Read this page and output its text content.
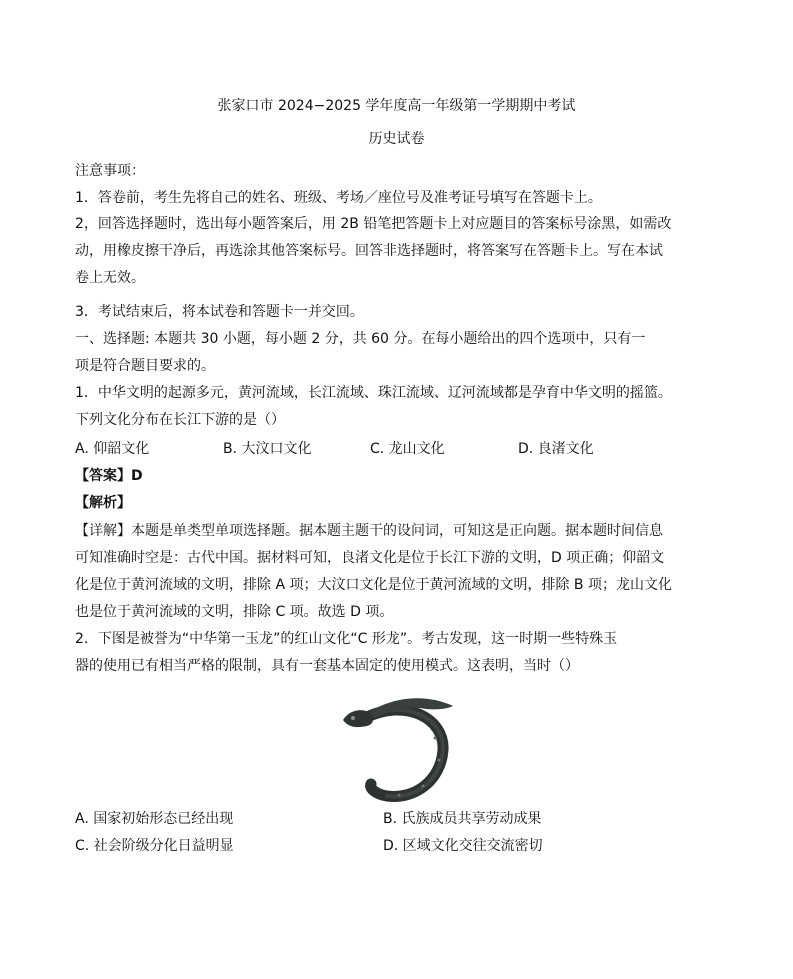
张家口市 2024−2025 学年度高一年级第一学期期中考试
历史试卷
注意事项：
1．答卷前，考生先将自己的姓名、班级、考场／座位号及准考证号填写在答题卡上。
2，回答选择题时，选出每小题答案后，用 2B 铅笔把答题卡上对应题目的答案标号涂黑，如需改
动，用橡皮擦干净后，再选涂其他答案标号。回答非选择题时，将答案写在答题卡上。写在本试
卷上无效。
3．考试结束后，将本试卷和答题卡一并交回。
一、选择题: 本题共 30 小题，每小题 2 分，共 60 分。在每小题给出的四个选项中，只有一
项是符合题目要求的。
1．中华文明的起源多元，黄河流域，长江流域、珠江流域、辽河流域都是孕育中华文明的摇篮。
下列文化分布在长江下游的是（）
A. 仰韶文化	B. 大汶口文化	C. 龙山文化	D. 良渚文化
【答案】D
【解析】
【详解】本题是单类型单项选择题。据本题主题干的设问词，可知这是正向题。据本题时间信息
可知准确时空是：古代中国。据材料可知，良渚文化是位于长江下游的文明，D 项正确；仰韶文
化是位于黄河流域的文明，排除 A 项；大汶口文化是位于黄河流域的文明，排除 B 项；龙山文化
也是位于黄河流域的文明，排除 C 项。故选 D 项。
2．下图是被誉为“中华第一玉龙”的红山文化“C 形龙”。考古发现，这一时期一些特殊玉
器的使用已有相当严格的限制，具有一套基本固定的使用模式。这表明，当时（）
A. 国家初始形态已经出现	B. 氏族成员共享劳动成果
C. 社会阶级分化日益明显	D. 区域文化交往交流密切
